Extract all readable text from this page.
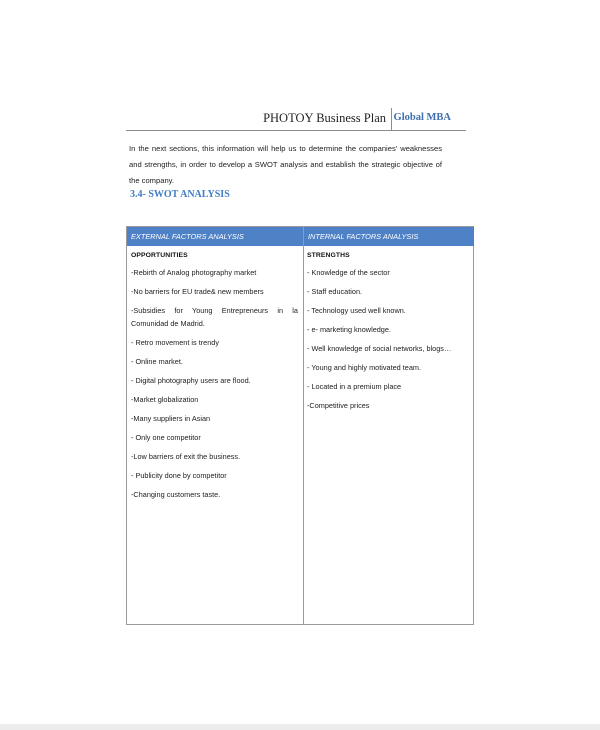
PHOTOY Business Plan Global MBA
In the next sections, this information will help us to determine the companies' weaknesses and strengths, in order to develop a SWOT analysis and establish the strategic objective of the company.
3.4- SWOT ANALYSIS
EXTERNAL FACTORS ANALYSIS	INTERNAL FACTORS ANALYSIS
OPPORTUNITIES
-Rebirth of Analog photography market
-No barriers for EU trade& new members
-Subsidies for Young Entrepreneurs in la
Comunidad de Madrid.
- Retro movement is trendy
- Online market.
- Digital photography users are flood.
-Market globalization
-Many suppliers in Asian
- Only one competitor
-Low barriers of exit the business.
- Publicity done by competitor
-Changing customers taste.
STRENGTHS
- Knowledge of the sector
- Staff education.
- Technology used well known.
- e- marketing knowledge.
- Well knowledge of social networks, blogs…
- Young and highly motivated team.
- Located in a premium place
-Competitive prices
